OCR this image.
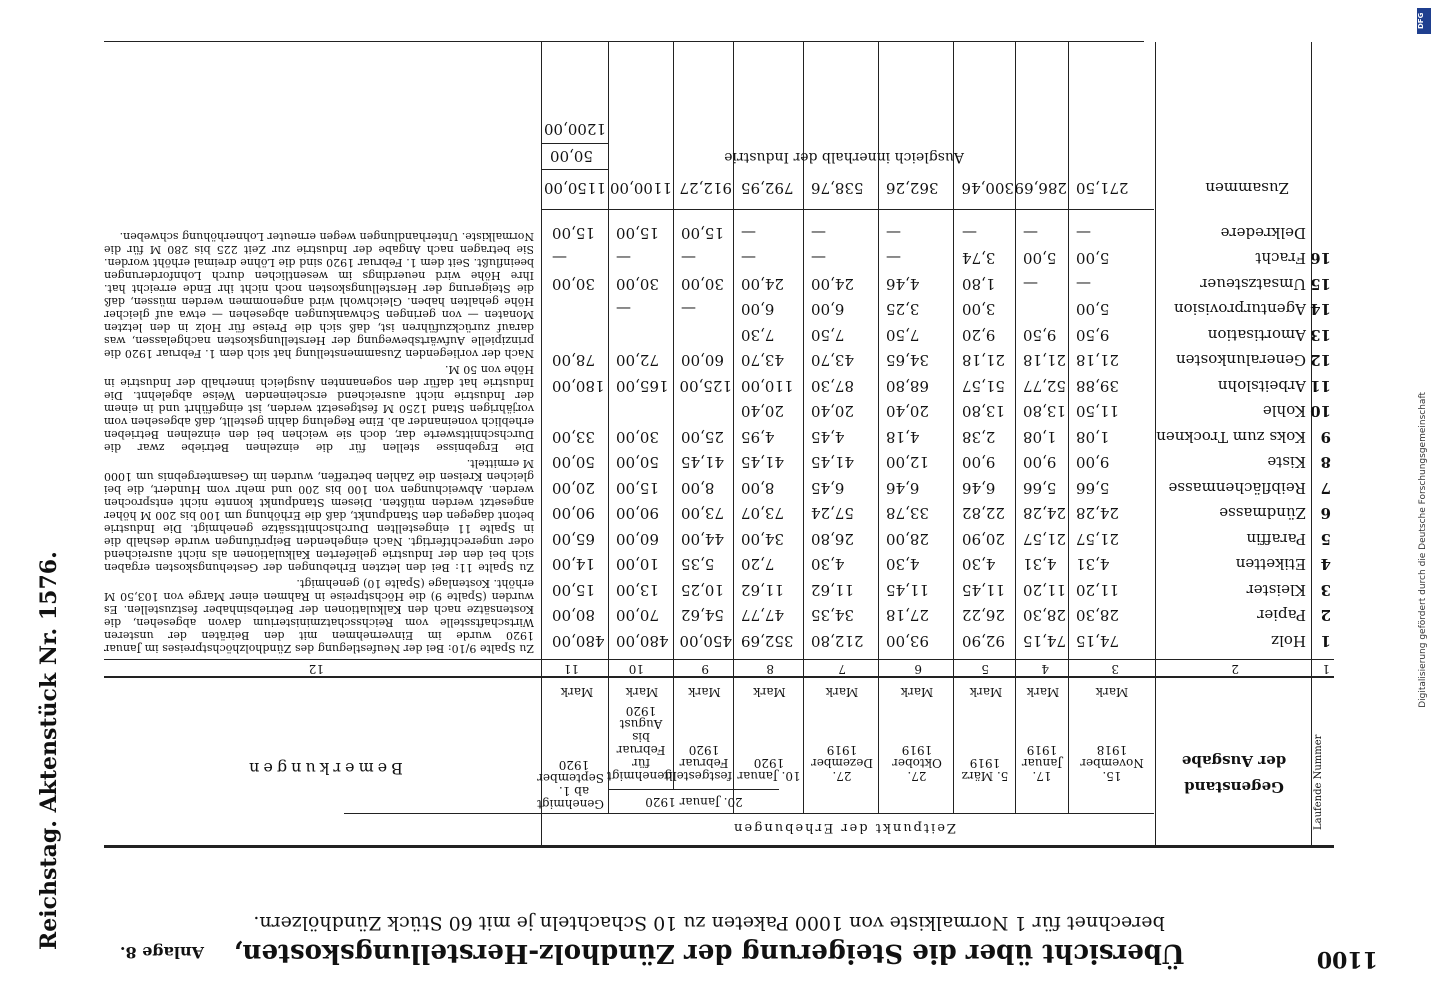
1100
Anlage 8. Übersicht über die Steigerung der Zündholz-Herstellungskosten,
berechnet für 1 Normalkiste von 1000 Paketen zu 10 Schachteln je mit 60 Stück Zündhölzern.
Laufende Nummer
Gegenstand der Ausgabe
Zeitpunkt der Erhebungen
20. Januar 1920
15. November 1918
17. Januar 1919
5. März 1919
27. Oktober 1919
27. Dezember 1919
10. Januar 1920
festgestellt Februar 1920
genehmigt für Februar bis August 1920
Genehmigt ab 1. September 1920
Bemerkungen
Mark
Mark
Mark
Mark
Mark
Mark
Mark
Mark
Mark
1
2
3
4
5
6
7
8
9
10
11
12
1
Holz
74,15
74,15
92,90
93,00
212,80
352,69
450,00
480,00
480,00
2
Papier
28,30
28,30
26,22
27,18
34,35
47,77
54,62
70,00
80,00
3
Kleister
11,20
11,20
11,45
11,45
11,62
11,62
10,25
13,00
15,00
4
Etiketten
4,31
4,31
4,30
4,30
4,30
7,20
5,35
10,00
14,00
5
Paraffin
21,57
21,57
20,90
28,00
26,80
34,00
44,00
60,00
65,00
6
Zündmasse
24,28
24,28
22,82
33,78
57,24
73,07
73,00
90,00
90,00
7
Reibflächenmasse
5,66
5,66
6,46
6,46
6,45
8,00
8,00
15,00
20,00
8
Kiste
9,00
9,00
9,00
12,00
41,45
41,45
41,45
50,00
50,00
9
Koks zum Trocknen
1,08
1,08
2,38
4,18
4,45
4,95
25,00
30,00
33,00
10
Kohle
11,50
13,80
13,80
20,40
20,40
20,40
11
Arbeitslohn
39,88
52,77
51,57
68,80
87,30
110,00
125,00
165,00
180,00
12
Generalunkosten
21,18
21,18
21,18
34,65
43,70
43,70
60,00
72,00
78,00
13
Amortisation
9,50
9,50
9,20
7,50
7,50
7,30
14
Agenturprovision
5,00
3,00
3,25
6,00
6,00
—
—
15
Umsatzsteuer
—
—
1,80
4,46
24,00
24,00
30,00
30,00
30,00
16
Fracht
5,00
5,00
3,74
—
—
—
—
—
—
Delkredere
—
—
—
—
—
—
15,00
15,00
15,00
Zusammen
271,50
286,69
300,46
362,26
538,76
792,95
912,27
1100,00
1150,00
Ausgleich innerhalb der Industrie
50,00
1200,00

Zu Spalte 9/10: Bei der Neufestlegung des Zündholzhöchstpreises im Januar 1920 wurde im Einvernehmen mit den Beiräten der unsteren Wirtschaftsstelle vom Reichsschatzministerium davon abgesehen, die Kostensätze nach den Kalkulationen der Betriebsinhaber festzustellen. Es wurden (Spalte 9) die Höchstpreise in Rahmen einer Marge von 103,50 M erhöht. Kostenlage (Spalte 10) genehmigt.

Zu Spalte 11: Bei den letzten Erhebungen der Gestehungskosten ergaben sich bei den der Industrie gelieferten Kalkulationen als nicht ausreichend oder ungerechtfertigt. Nach eingehenden Beiprüfungen wurde deshalb die in Spalte 11 eingestellten Durchschnittssätze genehmigt. Die Industrie betont dagegen den Standpunkt, daß die Erhöhung um 100 bis 200 M höher angesetzt werden müßten. Diesem Standpunkt konnte nicht entsprochen werden. Abweichungen von 100 bis 200 und mehr vom Hundert, die bei gleichen Kreisen die Zahlen betreffen, wurden im Gesamtergebnis um 1000 M ermittelt.

Die Ergebnisse stellen für die einzelnen Betriebe zwar die Durchschnittswerte dar, doch sie weichen bei den einzelnen Betrieben erheblich voneinander ab. Eine Regelung dahin gestellt, daß abgesehen vom vorjährigen Stand 1250 M festgesetzt werden, ist eingeführt und in einem der Industrie nicht ausreichend erscheinenden Weise abgelehnt. Die Industrie hat dafür den sogenannten Ausgleich innerhalb der Industrie in Höhe von 50 M.

Nach der vorliegenden Zusammenstellung hat sich dem 1. Februar 1920 die prinzipielle Aufwärtsbewegung der Herstellungskosten nachgelassen, was darauf zurückzuführen ist, daß sich die Preise für Holz in den letzten Monaten — von geringen Schwankungen abgesehen — etwa auf gleicher Höhe gehalten haben. Gleichwohl wird angenommen werden müssen, daß die Steigerung der Herstellungskosten noch nicht ihr Ende erreicht hat. Ihre Höhe wird neuerdings im wesentlichen durch Lohnforderungen beeinflußt. Seit dem 1. Februar 1920 sind die Löhne dreimal erhöht worden. Sie betragen nach Angabe der Industrie zur Zeit 225 bis 280 M für die Normalkiste. Unterhandlungen wegen erneuter Lohnerhöhung schweben.

Reichstag. Aktenstück Nr. 1576.
Digitalisierung gefördert durch die Deutsche Forschungsgemeinschaft
DFG
